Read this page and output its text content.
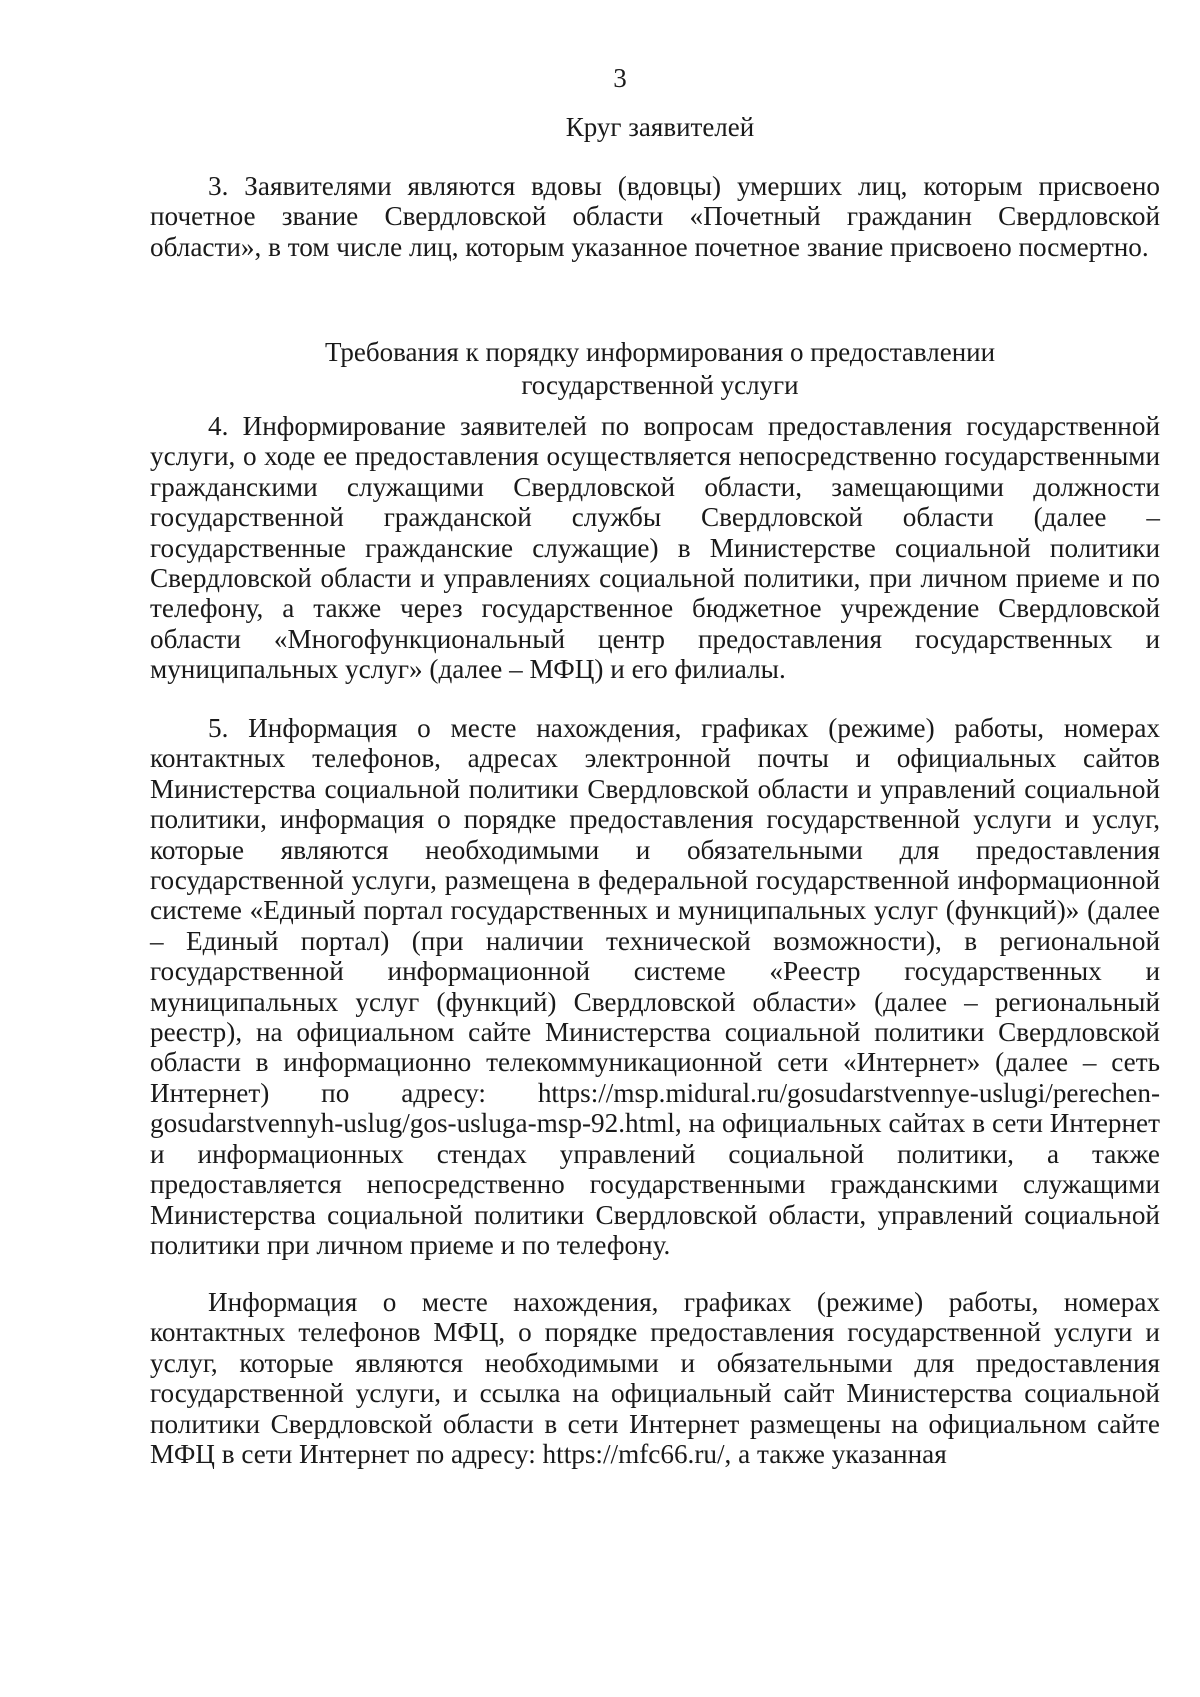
3
Круг заявителей

3. Заявителями являются вдовы (вдовцы) умерших лиц, которым присвоено почетное звание Свердловской области «Почетный гражданин Свердловской области», в том числе лиц, которым указанное почетное звание присвоено посмертно.

Требования к порядку информирования о предоставлении
государственной услуги

4. Информирование заявителей по вопросам предоставления государственной услуги, о ходе ее предоставления осуществляется непосредственно государственными гражданскими служащими Свердловской области, замещающими должности государственной гражданской службы Свердловской области (далее – государственные гражданские служащие) в Министерстве социальной политики Свердловской области и управлениях социальной политики, при личном приеме и по телефону, а также через государственное бюджетное учреждение Свердловской области «Многофункциональный центр предоставления государственных и муниципальных услуг» (далее – МФЦ) и его филиалы.

5. Информация о месте нахождения, графиках (режиме) работы, номерах контактных телефонов, адресах электронной почты и официальных сайтов Министерства социальной политики Свердловской области и управлений социальной политики, информация о порядке предоставления государственной услуги и услуг, которые являются необходимыми и обязательными для предоставления государственной услуги, размещена в федеральной государственной информационной системе «Единый портал государственных и муниципальных услуг (функций)» (далее – Единый портал) (при наличии технической возможности), в региональной государственной информационной системе «Реестр государственных и муниципальных услуг (функций) Свердловской области» (далее – региональный реестр), на официальном сайте Министерства социальной политики Свердловской области в информационно телекоммуникационной сети «Интернет» (далее – сеть Интернет) по адресу: https://msp.midural.ru/gosudarstvennye-uslugi/perechen-gosudarstvennyh-uslug/gos-usluga-msp-92.html, на официальных сайтах в сети Интернет и информационных стендах управлений социальной политики, а также предоставляется непосредственно государственными гражданскими служащими Министерства социальной политики Свердловской области, управлений социальной политики при личном приеме и по телефону.

Информация о месте нахождения, графиках (режиме) работы, номерах контактных телефонов МФЦ, о порядке предоставления государственной услуги и услуг, которые являются необходимыми и обязательными для предоставления государственной услуги, и ссылка на официальный сайт Министерства социальной политики Свердловской области в сети Интернет размещены на официальном сайте МФЦ в сети Интернет по адресу: https://mfc66.ru/, а также указанная
